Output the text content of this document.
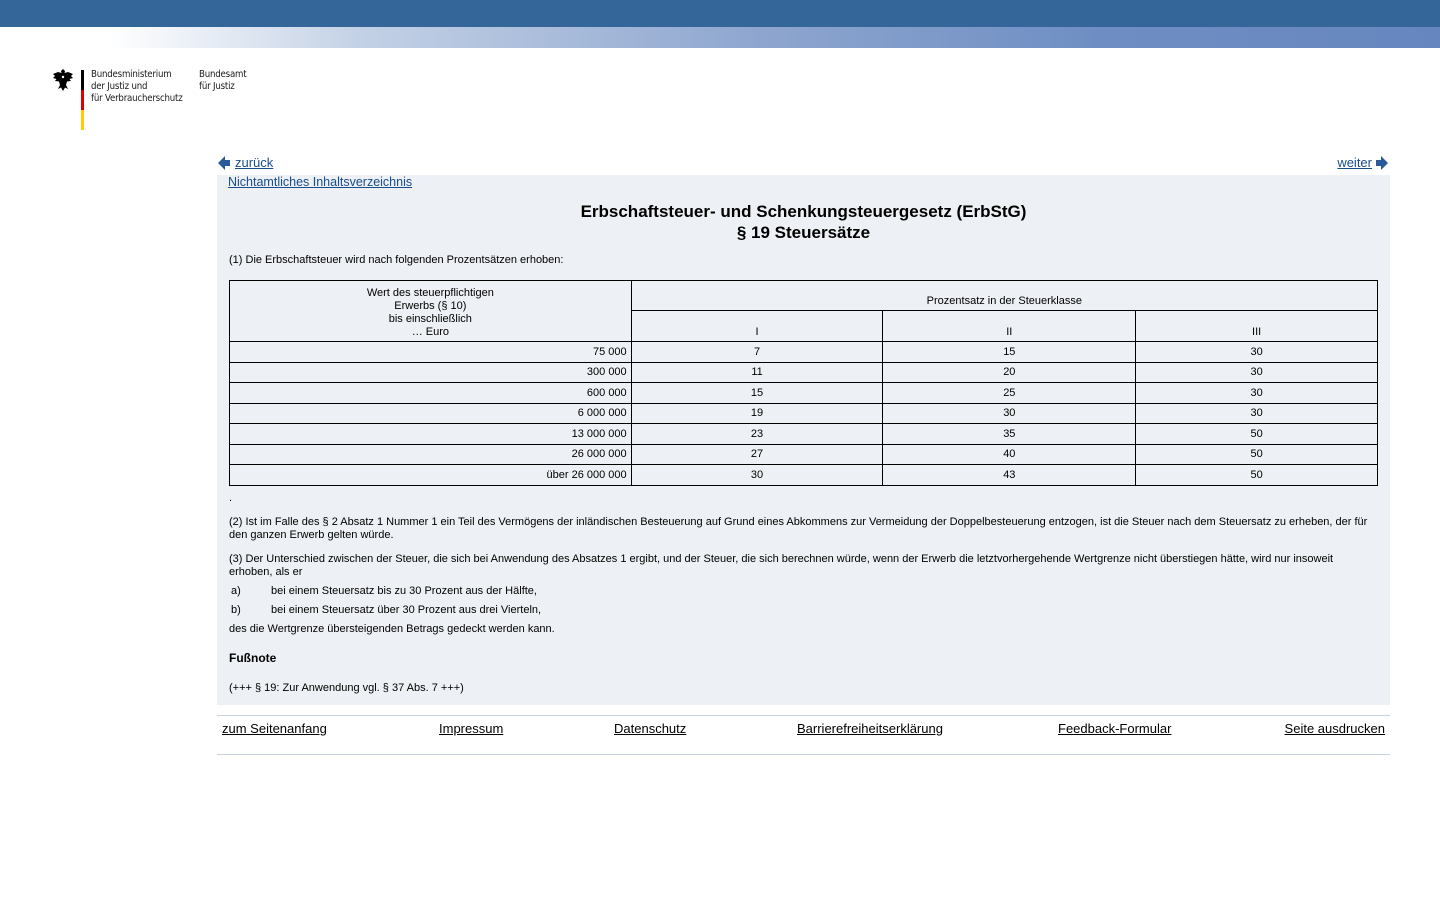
Bundesministerium
der Justiz und
für Verbraucherschutz
Bundesamt
für Justiz
zurück	weiter
Nichtamtliches Inhaltsverzeichnis
Erbschaftsteuer- und Schenkungsteuergesetz (ErbStG)
§ 19 Steuersätze
(1) Die Erbschaftsteuer wird nach folgenden Prozentsätzen erhoben:
Wert des steuerpflichtigen
Erwerbs (§ 10)
bis einschließlich
… Euro	Prozentsatz in der Steuerklasse		
	I	II	III
75 000	7	15	30
300 000	11	20	30
600 000	15	25	30
6 000 000	19	30	30
13 000 000	23	35	50
26 000 000	27	40	50
über 26 000 000	30	43	50
.
(2) Ist im Falle des § 2 Absatz 1 Nummer 1 ein Teil des Vermögens der inländischen Besteuerung auf Grund eines Abkommens zur Vermeidung der Doppelbesteuerung entzogen, ist die Steuer nach dem Steuersatz zu erheben, der für den ganzen Erwerb gelten würde.
(3) Der Unterschied zwischen der Steuer, die sich bei Anwendung des Absatzes 1 ergibt, und der Steuer, die sich berechnen würde, wenn der Erwerb die letztvorhergehende Wertgrenze nicht überstiegen hätte, wird nur insoweit erhoben, als er
a)	bei einem Steuersatz bis zu 30 Prozent aus der Hälfte,
b)	bei einem Steuersatz über 30 Prozent aus drei Vierteln,
des die Wertgrenze übersteigenden Betrags gedeckt werden kann.
Fußnote
(+++ § 19: Zur Anwendung vgl. § 37 Abs. 7 +++)
zum Seitenanfang	Impressum	Datenschutz	Barrierefreiheitserklärung	Feedback-Formular	Seite ausdrucken
